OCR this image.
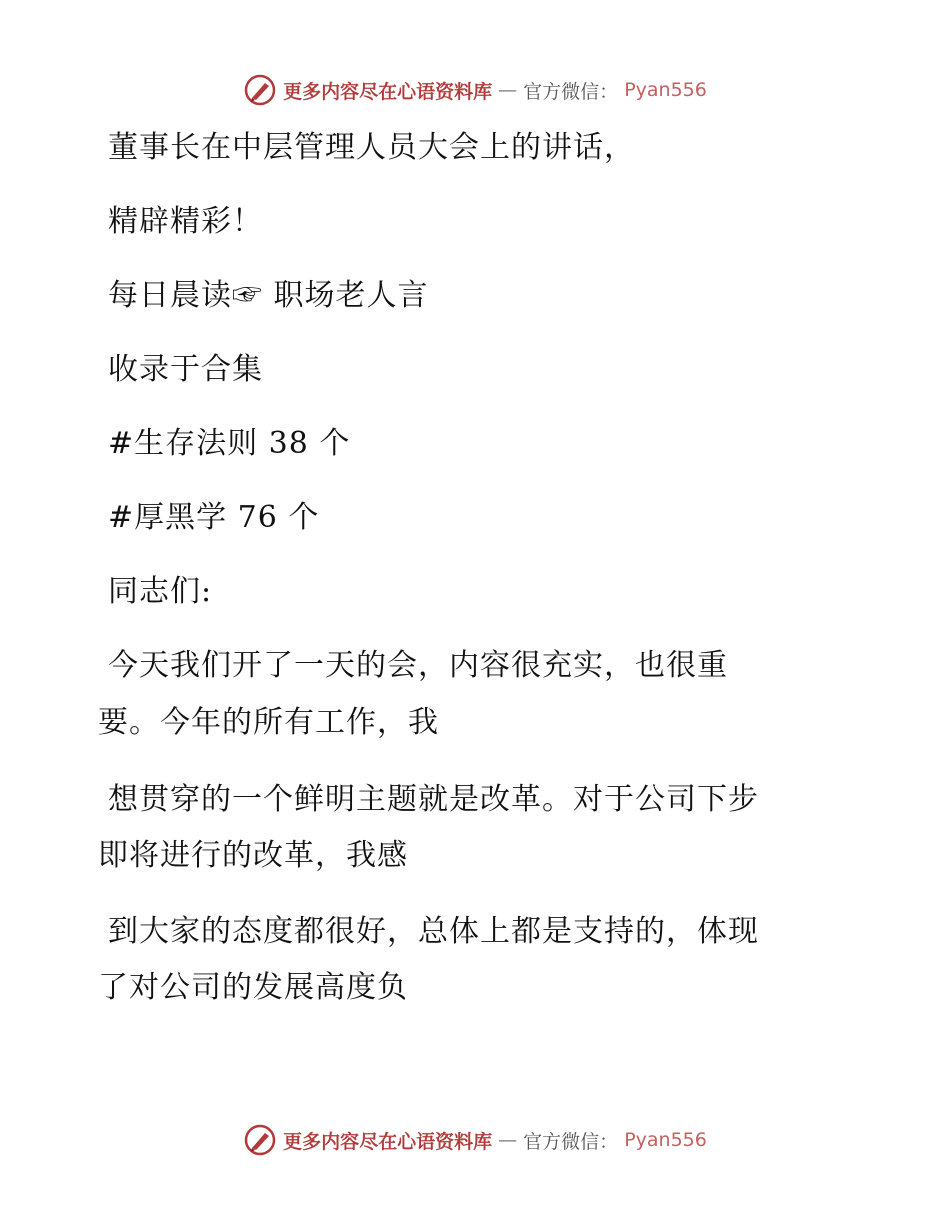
更多内容尽在心语资料库 — 官方微信： Pyan556
董事长在中层管理人员大会上的讲话，
精辟精彩！
每日晨读☞ 职场老人言
收录于合集
#生存法则 38 个
#厚黑学 76 个
同志们:
今天我们开了一天的会，内容很充实，也很重
要。今年的所有工作，我
想贯穿的一个鲜明主题就是改革。对于公司下步
即将进行的改革，我感
到大家的态度都很好，总体上都是支持的，体现
了对公司的发展高度负
更多内容尽在心语资料库 — 官方微信： Pyan556
